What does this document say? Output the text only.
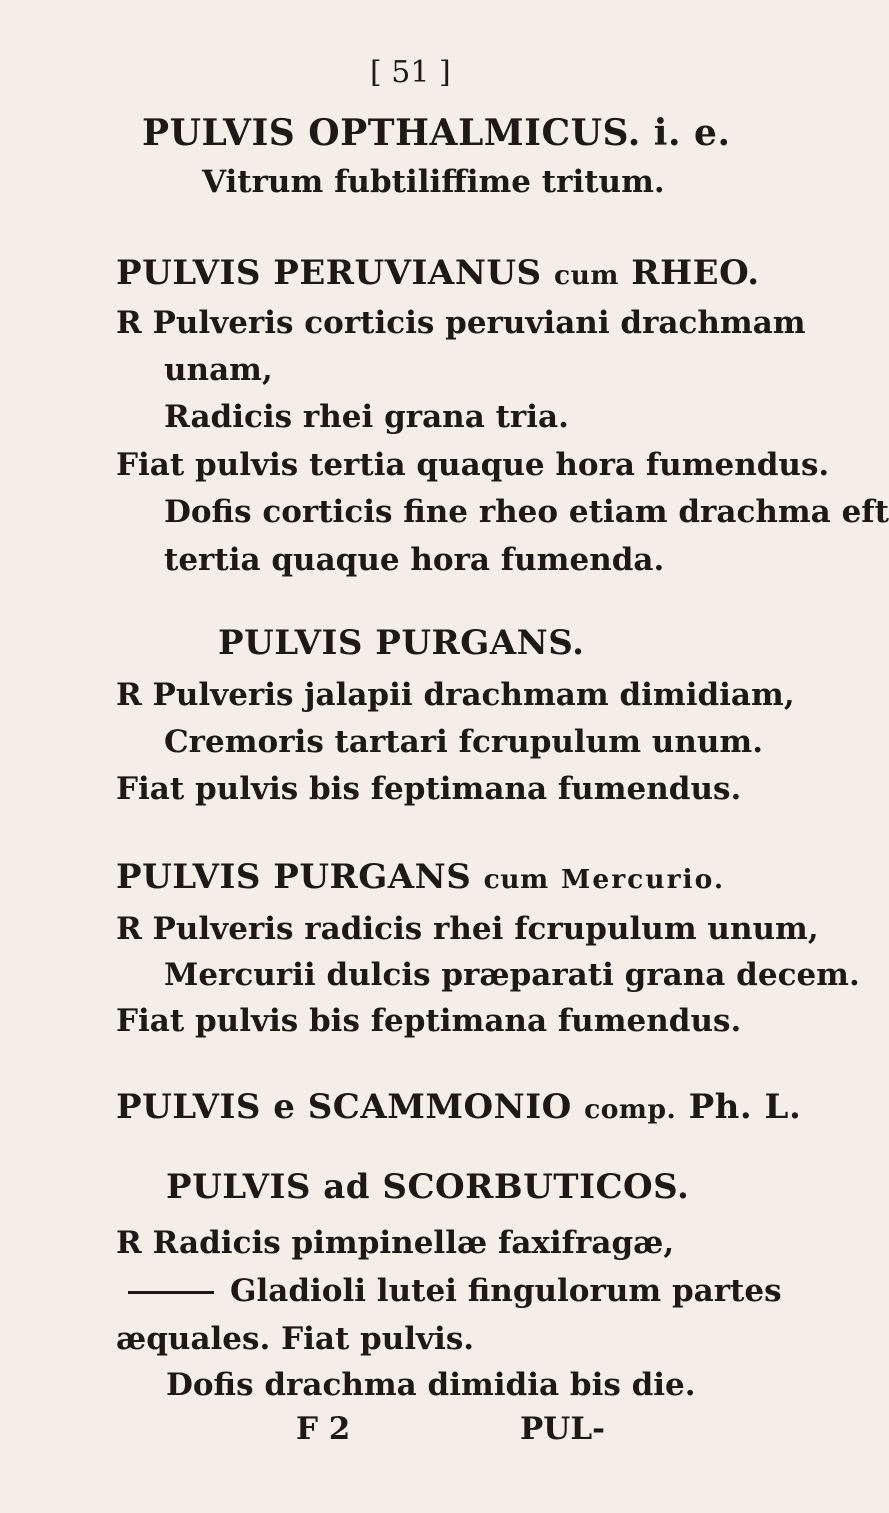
[ 51 ]
PULVIS OPTHALMICUS. i. e.
Vitrum fubtiliffime tritum.
PULVIS PERUVIANUS cum RHEO.
R Pulveris corticis peruviani drachmam
unam,
Radicis rhei grana tria.
Fiat pulvis tertia quaque hora fumendus.
Dofis corticis fine rheo etiam drachma eft
tertia quaque hora fumenda.
PULVIS PURGANS.
R Pulveris jalapii drachmam dimidiam,
Cremoris tartari fcrupulum unum.
Fiat pulvis bis feptimana fumendus.
PULVIS PURGANS cum Mercurio.
R Pulveris radicis rhei fcrupulum unum,
Mercurii dulcis præparati grana decem.
Fiat pulvis bis feptimana fumendus.
PULVIS e SCAMMONIO comp. Ph. L.
PULVIS ad SCORBUTICOS.
R Radicis pimpinellæ faxifragæ,
Gladioli lutei fingulorum partes
æquales. Fiat pulvis.
Dofis drachma dimidia bis die.
F 2	PUL-
